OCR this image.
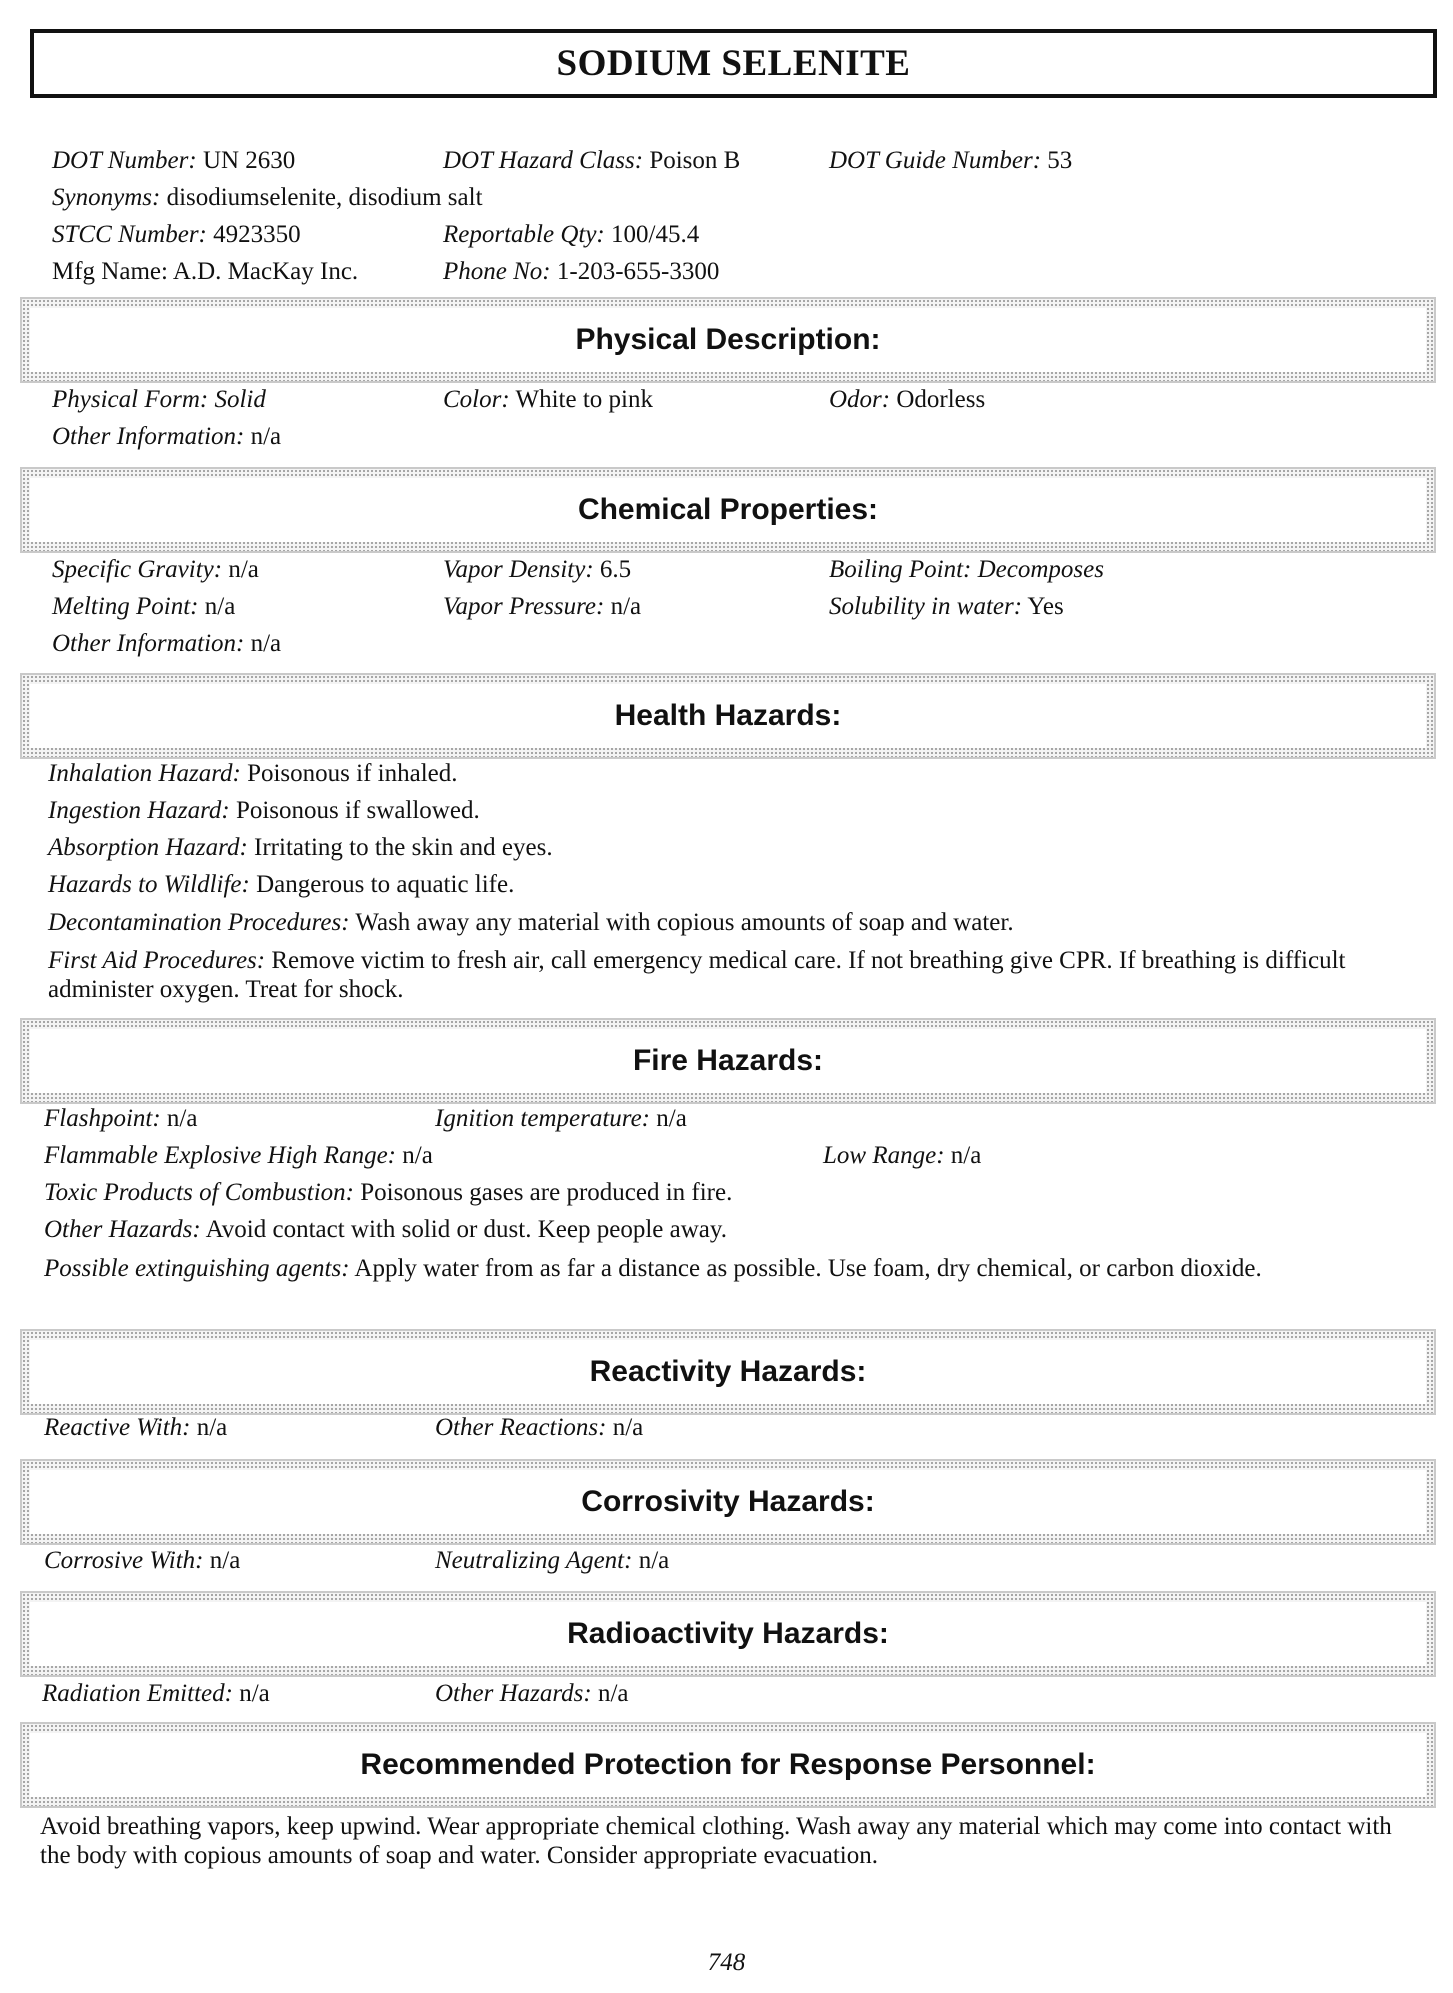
SODIUM SELENITE
DOT Number: UN 2630	DOT Hazard Class: Poison B	DOT Guide Number: 53
Synonyms: disodiumselenite, disodium salt
STCC Number: 4923350	Reportable Qty: 100/45.4
Mfg Name: A.D. MacKay Inc.	Phone No: 1-203-655-3300
Physical Description:
Physical Form: Solid	Color: White to pink	Odor: Odorless
Other Information: n/a
Chemical Properties:
Specific Gravity: n/a	Vapor Density: 6.5	Boiling Point: Decomposes
Melting Point: n/a	Vapor Pressure: n/a	Solubility in water: Yes
Other Information: n/a
Health Hazards:
Inhalation Hazard: Poisonous if inhaled.
Ingestion Hazard: Poisonous if swallowed.
Absorption Hazard: Irritating to the skin and eyes.
Hazards to Wildlife: Dangerous to aquatic life.
Decontamination Procedures: Wash away any material with copious amounts of soap and water.
First Aid Procedures: Remove victim to fresh air, call emergency medical care. If not breathing give CPR. If breathing is difficult administer oxygen. Treat for shock.
Fire Hazards:
Flashpoint: n/a	Ignition temperature: n/a
Flammable Explosive High Range: n/a	Low Range: n/a
Toxic Products of Combustion: Poisonous gases are produced in fire.
Other Hazards: Avoid contact with solid or dust. Keep people away.
Possible extinguishing agents: Apply water from as far a distance as possible. Use foam, dry chemical, or carbon dioxide.
Reactivity Hazards:
Reactive With: n/a	Other Reactions: n/a
Corrosivity Hazards:
Corrosive With: n/a	Neutralizing Agent: n/a
Radioactivity Hazards:
Radiation Emitted: n/a	Other Hazards: n/a
Recommended Protection for Response Personnel:
Avoid breathing vapors, keep upwind. Wear appropriate chemical clothing. Wash away any material which may come into contact with the body with copious amounts of soap and water. Consider appropriate evacuation.
748
